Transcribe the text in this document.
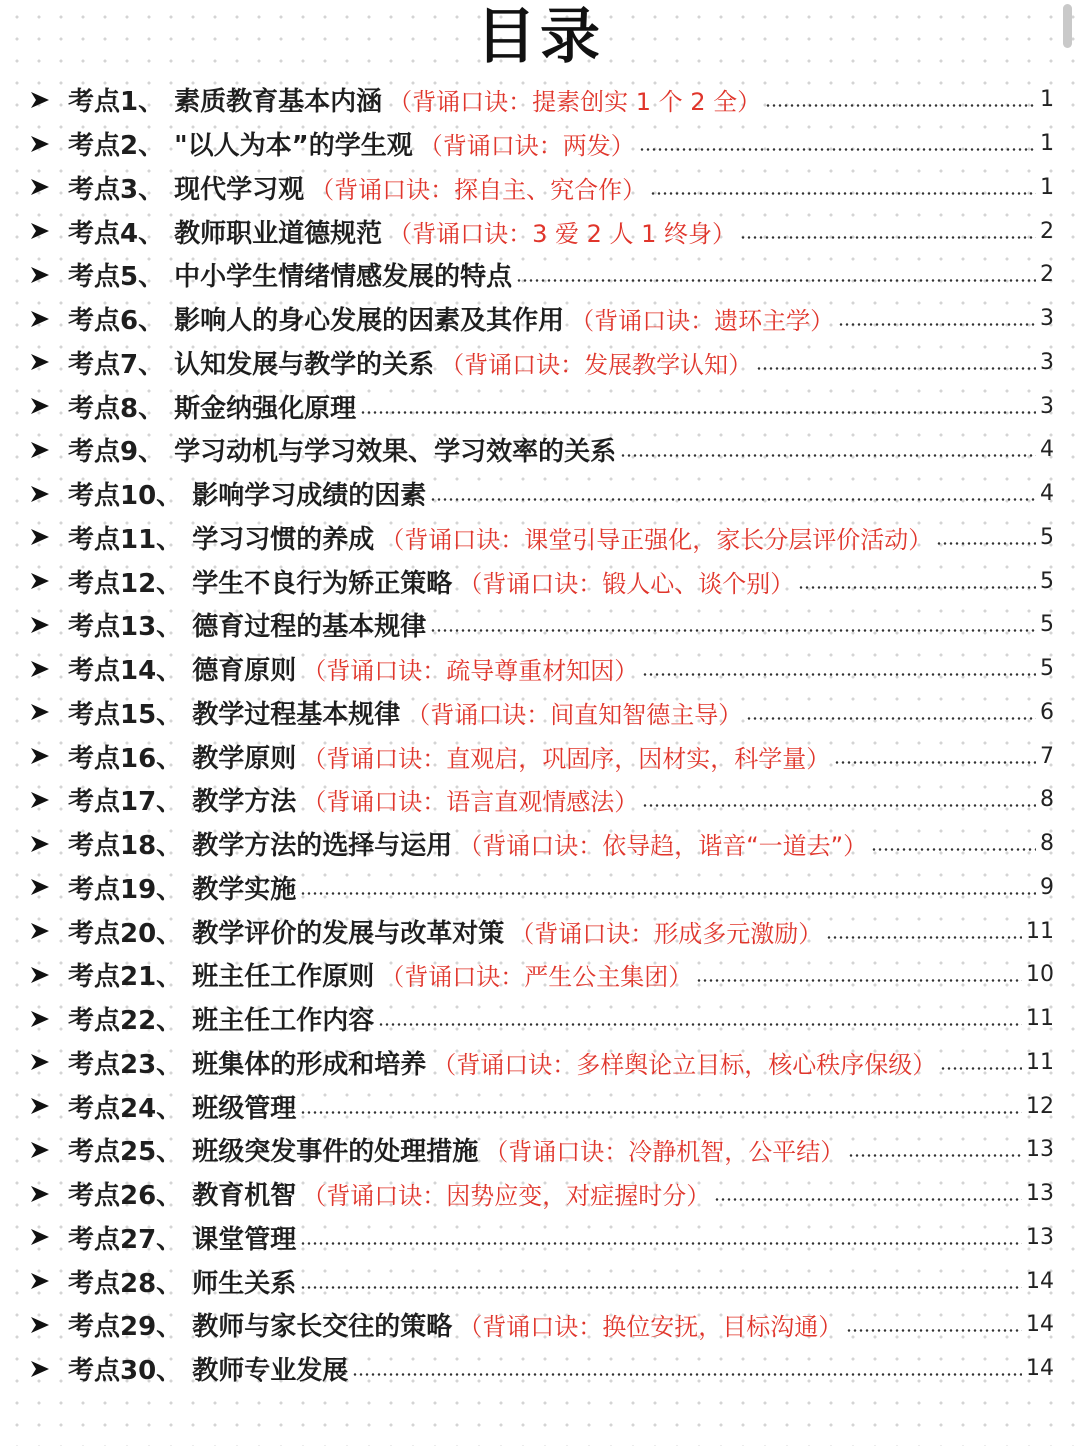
目录
考点1、 素质教育基本内涵 （背诵口诀：提素创实 1 个 2 全）	1
考点2、 "以人为本”的学生观 （背诵口诀：两发）	1
考点3、 现代学习观 （背诵口诀：探自主、究合作）	1
考点4、 教师职业道德规范 （背诵口诀：3 爱 2 人 1 终身）	2
考点5、 中小学生情绪情感发展的特点	2
考点6、 影响人的身心发展的因素及其作用 （背诵口诀：遗环主学）	3
考点7、 认知发展与教学的关系 （背诵口诀：发展教学认知）	3
考点8、 斯金纳强化原理	3
考点9、 学习动机与学习效果、学习效率的关系	4
考点10、 影响学习成绩的因素	4
考点11、 学习习惯的养成 （背诵口诀：课堂引导正强化，家长分层评价活动）	5
考点12、 学生不良行为矫正策略 （背诵口诀：锻人心、谈个别）	5
考点13、 德育过程的基本规律	5
考点14、 德育原则 （背诵口诀：疏导尊重材知因）	5
考点15、 教学过程基本规律 （背诵口诀：间直知智德主导）	6
考点16、 教学原则 （背诵口诀：直观启，巩固序，因材实，科学量）	7
考点17、 教学方法 （背诵口诀：语言直观情感法）	8
考点18、 教学方法的选择与运用 （背诵口诀：依导趋，谐音“一道去”）	8
考点19、 教学实施	9
考点20、 教学评价的发展与改革对策 （背诵口诀：形成多元激励）	11
考点21、 班主任工作原则 （背诵口诀：严生公主集团）	10
考点22、 班主任工作内容	11
考点23、 班集体的形成和培养 （背诵口诀：多样舆论立目标，核心秩序保级）	11
考点24、 班级管理	12
考点25、 班级突发事件的处理措施 （背诵口诀：冷静机智，公平结）	13
考点26、 教育机智 （背诵口诀：因势应变，对症握时分）	13
考点27、 课堂管理	13
考点28、 师生关系	14
考点29、 教师与家长交往的策略 （背诵口诀：换位安抚，目标沟通）	14
考点30、 教师专业发展	14
